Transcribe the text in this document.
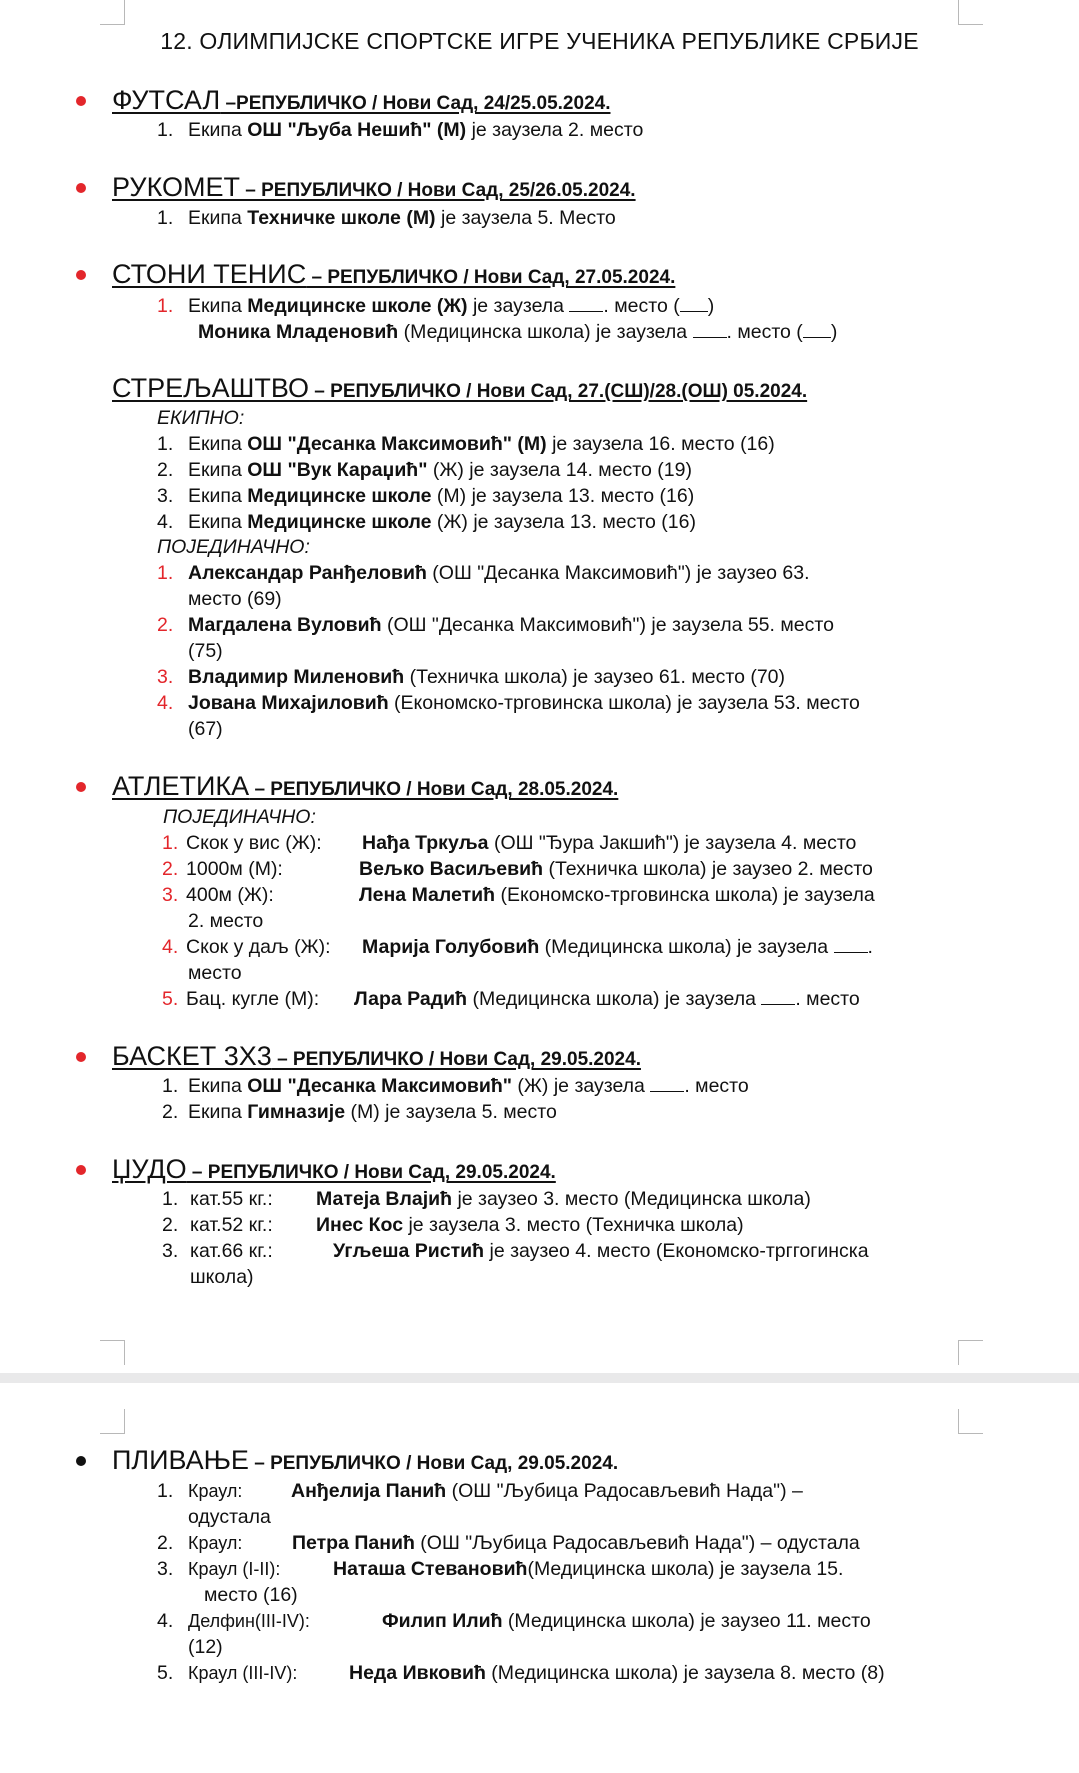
12. ОЛИМПИЈСКЕ СПОРТСКЕ ИГРЕ УЧЕНИКА РЕПУБЛИКЕ СРБИЈЕ
ФУТСАЛ –РЕПУБЛИЧКО / Нови Сад, 24/25.05.2024.
1. Екипа ОШ "Љуба Нешић" (М) је заузела 2. место
РУКОМЕТ – РЕПУБЛИЧКО / Нови Сад, 25/26.05.2024.
1. Екипа Техничке школе (М) је заузела 5. Место
СТОНИ ТЕНИС – РЕПУБЛИЧКО / Нови Сад, 27.05.2024.
1. Екипа Медицинске школе (Ж) је заузела . место ( )
Моника Младеновић (Медицинска школа) је заузела . место ( )
СТРЕЉАШТВО – РЕПУБЛИЧКО / Нови Сад, 27.(СШ)/28.(ОШ) 05.2024.
ЕКИПНО:
1. Екипа ОШ "Десанка Максимовић" (М) је заузела 16. место (16)
2. Екипа ОШ "Вук Караџић" (Ж) је заузела 14. место (19)
3. Екипа Медицинске школе (М) је заузела 13. место (16)
4. Екипа Медицинске школе (Ж) је заузела 13. место (16)
ПОЈЕДИНАЧНО:
1. Александар Ранђеловић (ОШ "Десанка Максимовић") је заузео 63.
место (69)
2. Магдалена Вуловић (ОШ "Десанка Максимовић") је заузела 55. место
(75)
3. Владимир Миленовић (Техничка школа) је заузео 61. место (70)
4. Јована Михајиловић (Економско-трговинска школа) је заузела 53. место
(67)
АТЛЕТИКА – РЕПУБЛИЧКО / Нови Сад, 28.05.2024.
ПОЈЕДИНАЧНО:
1. Скок у вис (Ж): Нађа Тркуља (ОШ "Ђура Јакшић") је заузела 4. место
2. 1000м (М):	Вељко Васиљевић (Техничка школа) је заузео 2. место
3. 400м (Ж):	Лена Малетић (Економско-трговинска школа) је заузела
2. место
4. Скок у даљ (Ж): Марија Голубовић (Медицинска школа) је заузела .
место
5. Бац. кугле (М): Лара Радић (Медицинска школа) је заузела . место
БАСКЕТ 3Х3 – РЕПУБЛИЧКО / Нови Сад, 29.05.2024.
1. Екипа ОШ "Десанка Максимовић" (Ж) је заузела . место
2. Екипа Гимназије (М) је заузела 5. место
ЏУДО – РЕПУБЛИЧКО / Нови Сад, 29.05.2024.
1. кат.55 кг.: Матеја Влајић је заузео 3. место (Медицинска школа)
2. кат.52 кг.: Инес Кос је заузела 3. место (Техничка школа)
3. кат.66 кг.:	Угљеша Ристић је заузео 4. место (Економско-трггогинска
школа)
ПЛИВАЊЕ – РЕПУБЛИЧКО / Нови Сад, 29.05.2024.
1. Краул: Анђелија Панић (ОШ "Љубица Радосављевић Нада") –
одустала
2. Краул:	Петра Панић (ОШ "Љубица Радосављевић Нада") – одустала
3. Краул (I-II):	Наташа Стевановић(Медицинска школа) је заузела 15.
место (16)
4. Делфин(III-IV):	Филип Илић (Медицинска школа) је заузео 11. место
(12)
5. Краул (III-IV):	Неда Ивковић (Медицинска школа) је заузела 8. место (8)
